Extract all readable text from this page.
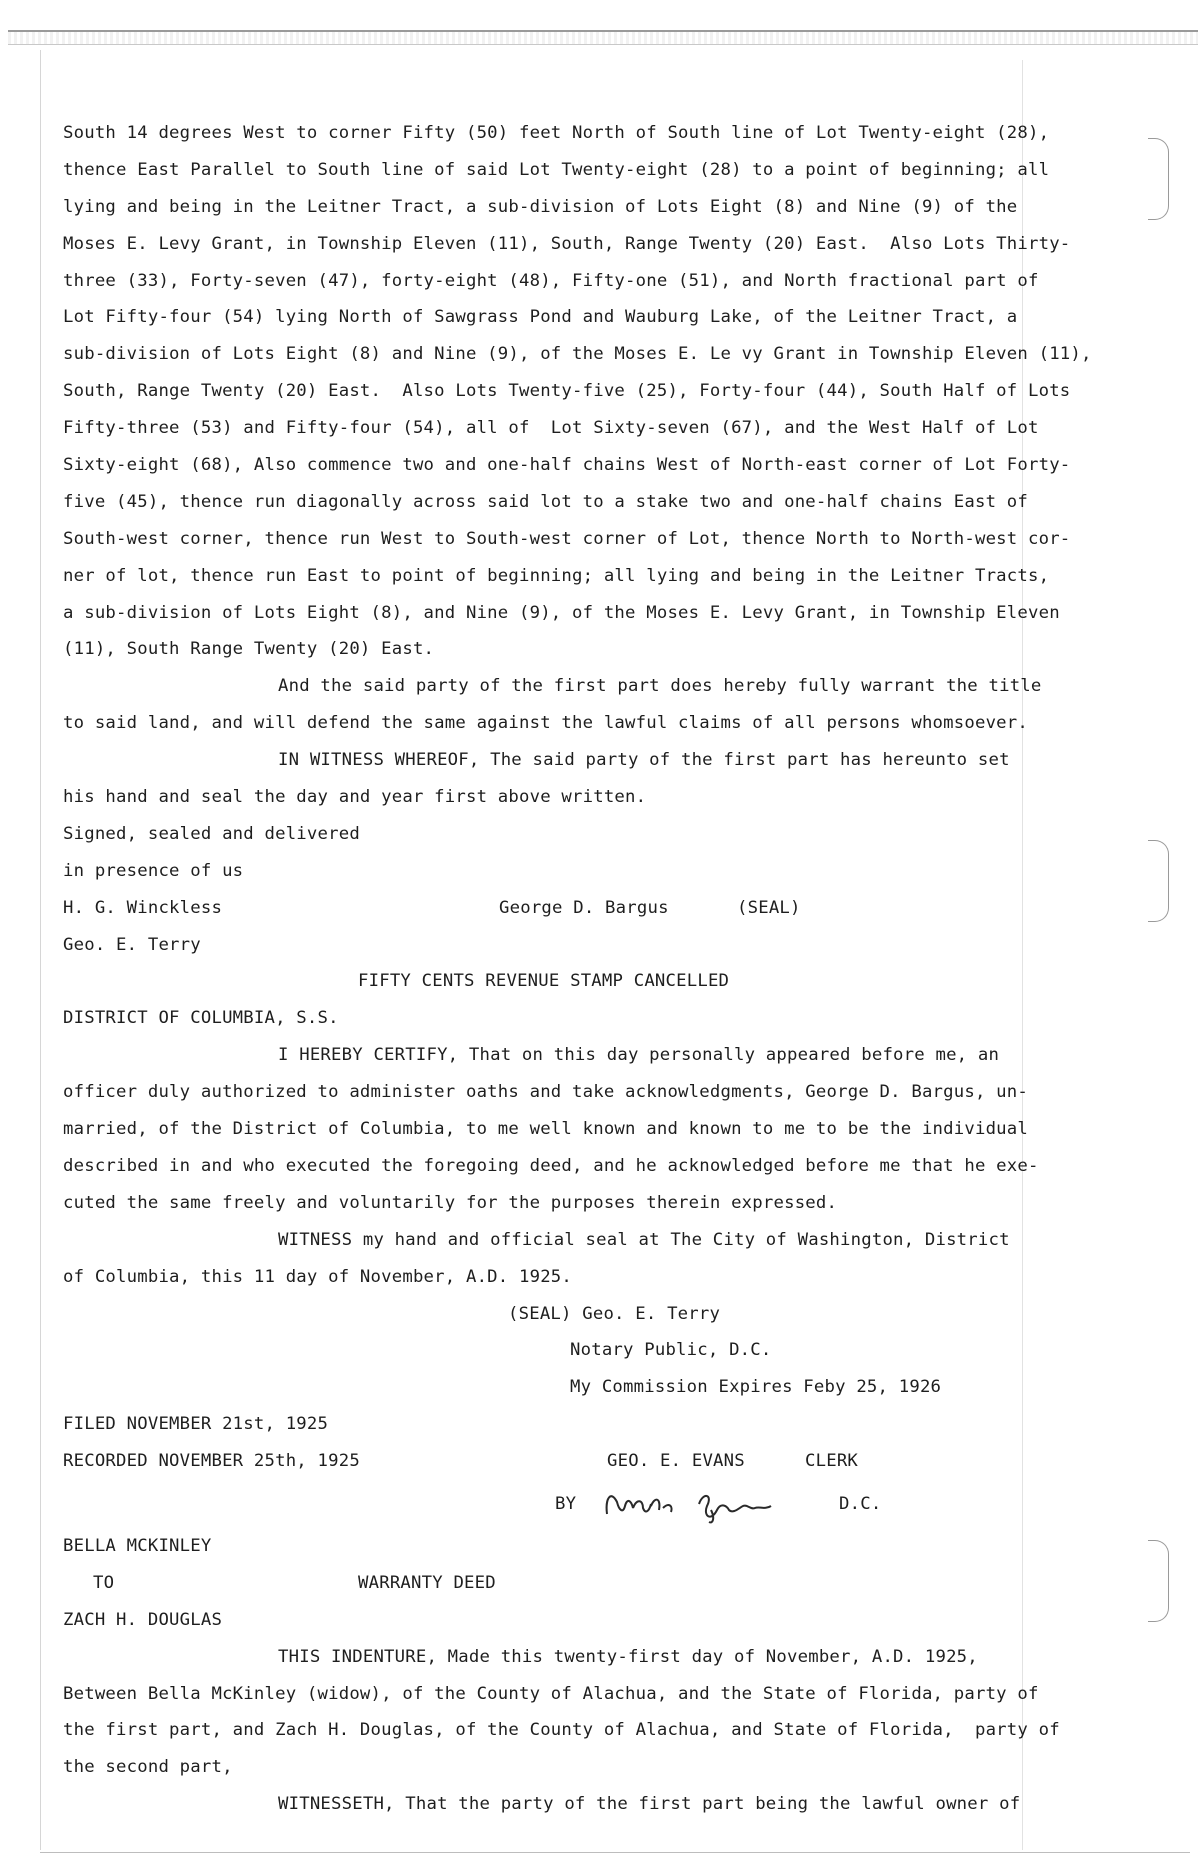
South 14 degrees West to corner Fifty (50) feet North of South line of Lot Twenty-eight (28),
thence East Parallel to South line of said Lot Twenty-eight (28) to a point of beginning; all
lying and being in the Leitner Tract, a sub-division of Lots Eight (8) and Nine (9) of the
Moses E. Levy Grant, in Township Eleven (11), South, Range Twenty (20) East.  Also Lots Thirty-
three (33), Forty-seven (47), forty-eight (48), Fifty-one (51), and North fractional part of
Lot Fifty-four (54) lying North of Sawgrass Pond and Wauburg Lake, of the Leitner Tract, a
sub-division of Lots Eight (8) and Nine (9), of the Moses E. Le vy Grant in Township Eleven (11),
South, Range Twenty (20) East.  Also Lots Twenty-five (25), Forty-four (44), South Half of Lots
Fifty-three (53) and Fifty-four (54), all of  Lot Sixty-seven (67), and the West Half of Lot
Sixty-eight (68), Also commence two and one-half chains West of North-east corner of Lot Forty-
five (45), thence run diagonally across said lot to a stake two and one-half chains East of
South-west corner, thence run West to South-west corner of Lot, thence North to North-west cor-
ner of lot, thence run East to point of beginning; all lying and being in the Leitner Tracts,
a sub-division of Lots Eight (8), and Nine (9), of the Moses E. Levy Grant, in Township Eleven
(11), South Range Twenty (20) East.
And the said party of the first part does hereby fully warrant the title
to said land, and will defend the same against the lawful claims of all persons whomsoever.
IN WITNESS WHEREOF, The said party of the first part has hereunto set
his hand and seal the day and year first above written.
Signed, sealed and delivered
in presence of us
H. G. Winckless	George D. Bargus	(SEAL)
Geo. E. Terry
FIFTY CENTS REVENUE STAMP CANCELLED
DISTRICT OF COLUMBIA, S.S.
I HEREBY CERTIFY, That on this day personally appeared before me, an
officer duly authorized to administer oaths and take acknowledgments, George D. Bargus, un-
married, of the District of Columbia, to me well known and known to me to be the individual
described in and who executed the foregoing deed, and he acknowledged before me that he exe-
cuted the same freely and voluntarily for the purposes therein expressed.
WITNESS my hand and official seal at The City of Washington, District
of Columbia, this 11 day of November, A.D. 1925.
(SEAL) Geo. E. Terry
Notary Public, D.C.
My Commission Expires Feby 25, 1926
FILED NOVEMBER 21st, 1925
RECORDED NOVEMBER 25th, 1925	GEO. E. EVANS	CLERK
BY	D.C.
BELLA MCKINLEY
TO	WARRANTY DEED
ZACH H. DOUGLAS
THIS INDENTURE, Made this twenty-first day of November, A.D. 1925,
Between Bella McKinley (widow), of the County of Alachua, and the State of Florida, party of
the first part, and Zach H. Douglas, of the County of Alachua, and State of Florida,  party of
the second part,
WITNESSETH, That the party of the first part being the lawful owner of
